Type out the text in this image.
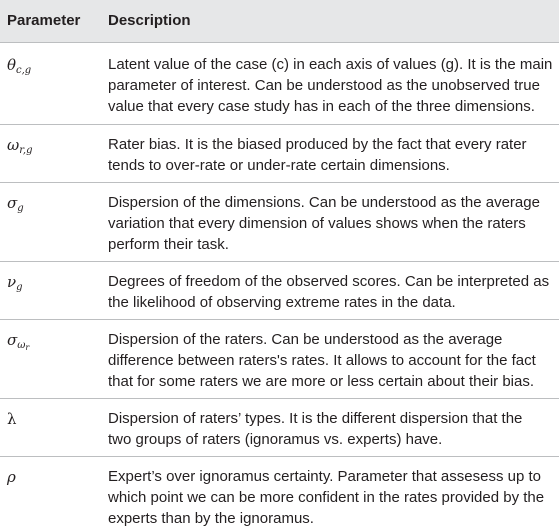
Parameter Description
$\theta_{c,g}$	Latent value of the case (c) in each axis of values (g). It is the main
parameter of interest. Can be understood as the unobserved true
value that every case study has in each of the three dimensions.
$\omega_{r,g}$	Rater bias. It is the biased produced by the fact that every rater
tends to over-rate or under-rate certain dimensions.
$\sigma_g$	Dispersion of the dimensions. Can be understood as the average
variation that every dimension of values shows when the raters
perform their task.
$\nu_g$	Degrees of freedom of the observed scores. Can be interpreted as
the likelihood of observing extreme rates in the data.
$\sigma_{\omega_r}$	Dispersion of the raters. Can be understood as the average
difference between raters's rates. It allows to account for the fact
that for some raters we are more or less certain about their bias.
λ	Dispersion of raters’ types. It is the different dispersion that the
two groups of raters (ignoramus vs. experts) have.
ρ	Expert’s over ignoramus certainty. Parameter that assesess up to
which point we can be more confident in the rates provided by the
experts than by the ignoramus.
